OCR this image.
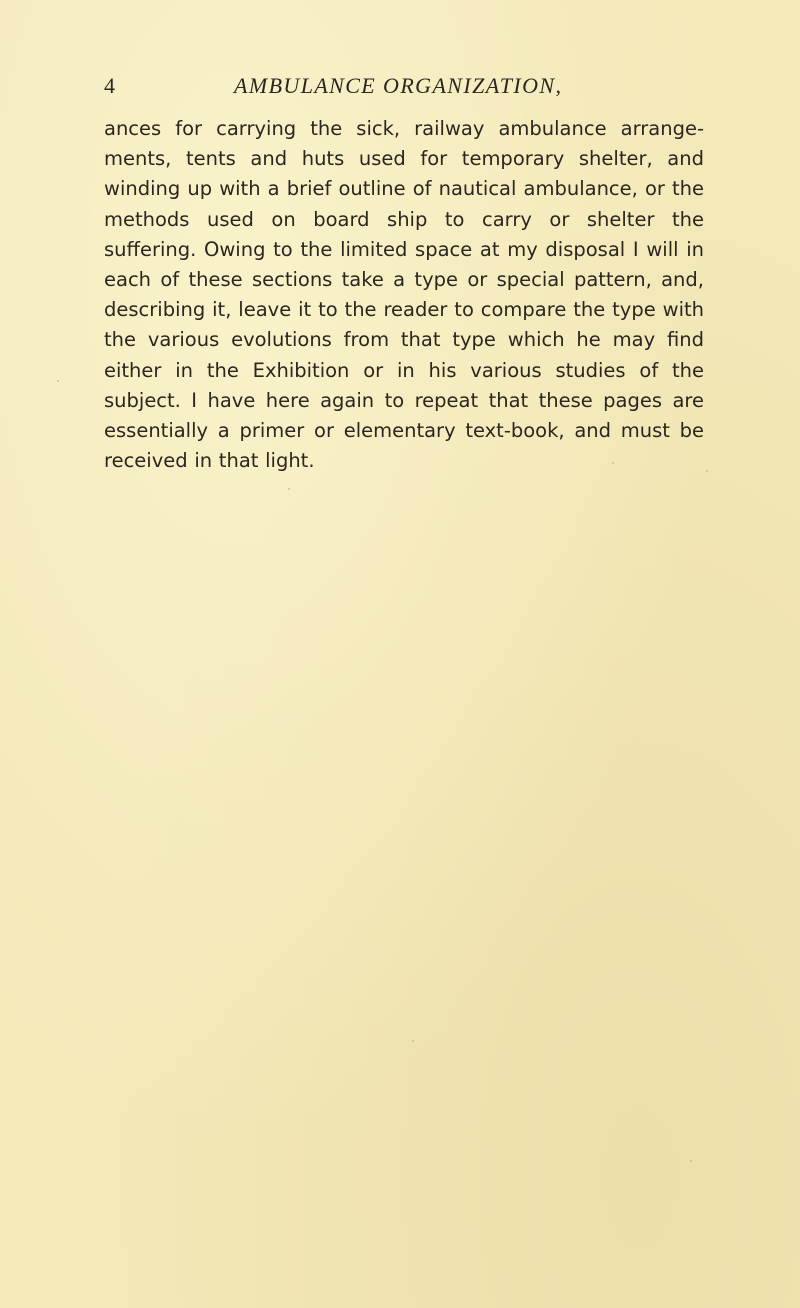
4	AMBULANCE ORGANIZATION,

ances for carrying the sick, railway ambulance arrange-ments, tents and huts used for temporary shelter, and winding up with a brief outline of nautical ambulance, or the methods used on board ship to carry or shelter the suffering. Owing to the limited space at my disposal I will in each of these sections take a type or special pattern, and, describing it, leave it to the reader to compare the type with the various evolutions from that type which he may find either in the Exhibition or in his various studies of the subject. I have here again to repeat that these pages are essentially a primer or elementary text-book, and must be received in that light.
